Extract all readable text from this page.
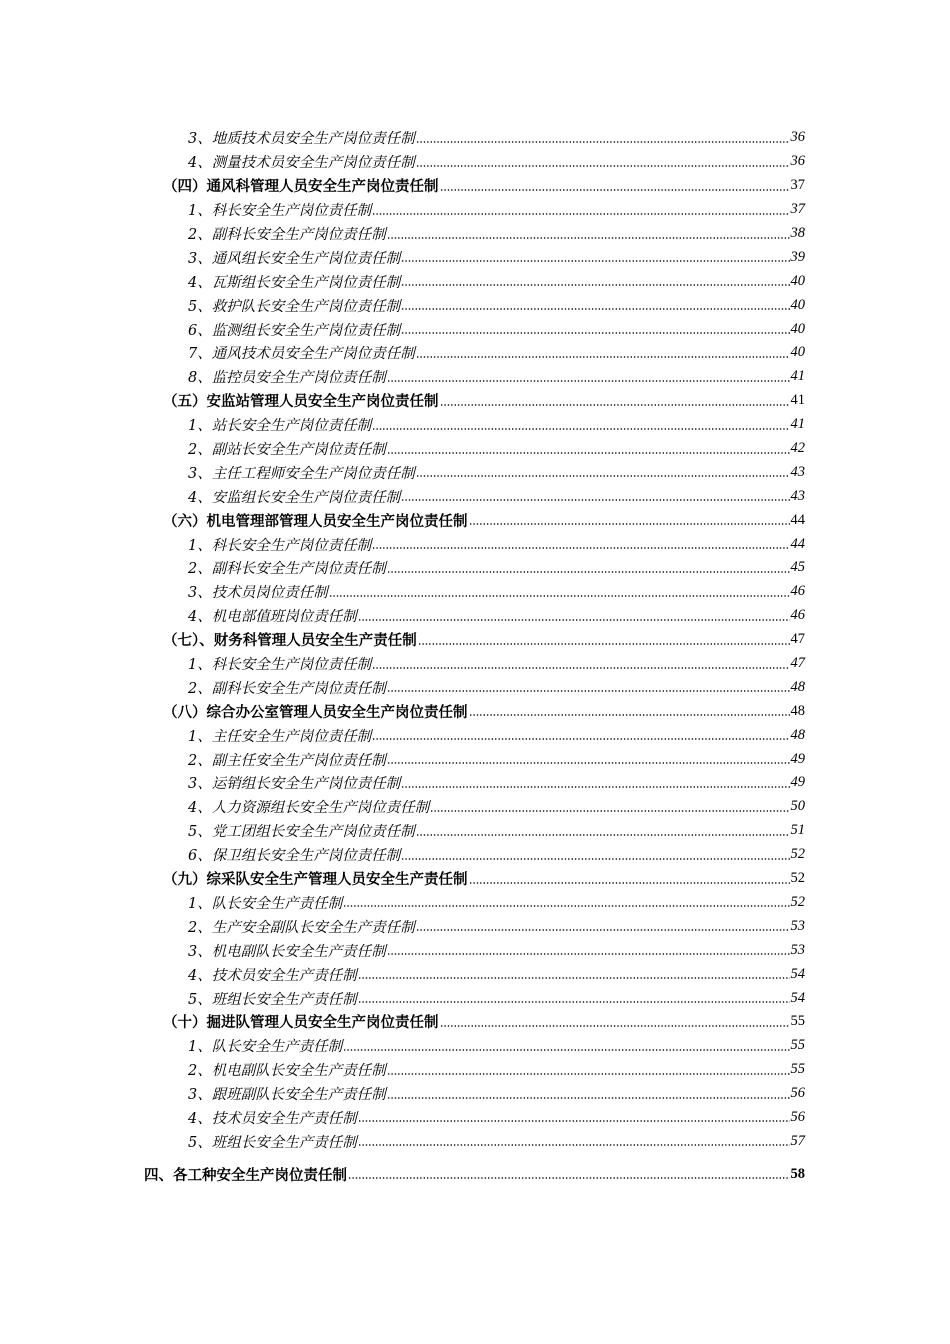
3、地质技术员安全生产岗位责任制	36
4、测量技术员安全生产岗位责任制	36
（四）通风科管理人员安全生产岗位责任制	37
1、科长安全生产岗位责任制	37
2、副科长安全生产岗位责任制	38
3、通风组长安全生产岗位责任制	39
4、瓦斯组长安全生产岗位责任制	40
5、救护队长安全生产岗位责任制	40
6、监测组长安全生产岗位责任制	40
7、通风技术员安全生产岗位责任制	40
8、监控员安全生产岗位责任制	41
（五）安监站管理人员安全生产岗位责任制	41
1、站长安全生产岗位责任制	41
2、副站长安全生产岗位责任制	42
3、主任工程师安全生产岗位责任制	43
4、安监组长安全生产岗位责任制	43
（六）机电管理部管理人员安全生产岗位责任制	44
1、科长安全生产岗位责任制	44
2、副科长安全生产岗位责任制	45
3、技术员岗位责任制	46
4、机电部值班岗位责任制	46
（七）、财务科管理人员安全生产责任制	47
1、科长安全生产岗位责任制	47
2、副科长安全生产岗位责任制	48
（八）综合办公室管理人员安全生产岗位责任制	48
1、主任安全生产岗位责任制	48
2、副主任安全生产岗位责任制	49
3、运销组长安全生产岗位责任制	49
4、人力资源组长安全生产岗位责任制	50
5、党工团组长安全生产岗位责任制	51
6、保卫组长安全生产岗位责任制	52
（九）综采队安全生产管理人员安全生产责任制	52
1、队长安全生产责任制	52
2、生产安全副队长安全生产责任制	53
3、机电副队长安全生产责任制	53
4、技术员安全生产责任制	54
5、班组长安全生产责任制	54
（十）掘进队管理人员安全生产岗位责任制	55
1、队长安全生产责任制	55
2、机电副队长安全生产责任制	55
3、跟班副队长安全生产责任制	56
4、技术员安全生产责任制	56
5、班组长安全生产责任制	57
四、各工种安全生产岗位责任制	58
